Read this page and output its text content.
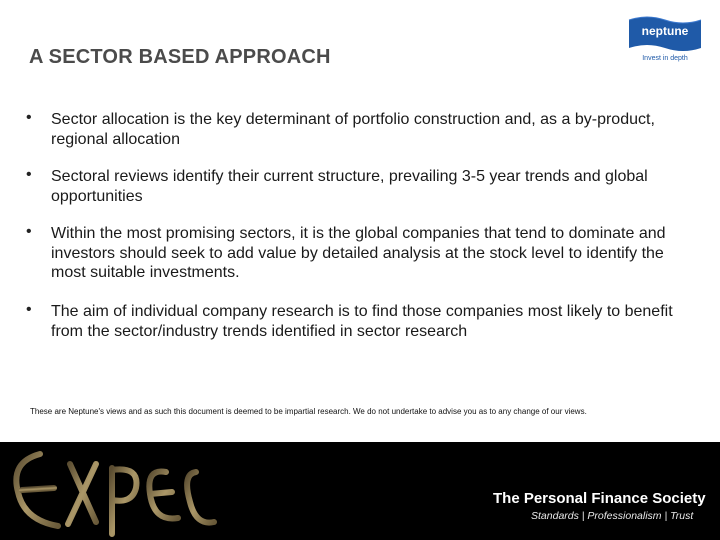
A SECTOR BASED APPROACH
neptune
Invest in depth
• Sector allocation is the key determinant of portfolio construction and, as a by-product, regional allocation
• Sectoral reviews identify their current structure, prevailing 3-5 year trends and global opportunities
• Within the most promising sectors, it is the global companies that tend to dominate and investors should seek to add value by detailed analysis at the stock level to identify the most suitable investments.
• The aim of individual company research is to find those companies most likely to benefit from the sector/industry trends identified in sector research
These are Neptune's views and as such this document is deemed to be impartial research. We do not undertake to advise you as to any change of our views.
The Personal Finance Society
Standards | Professionalism | Trust
